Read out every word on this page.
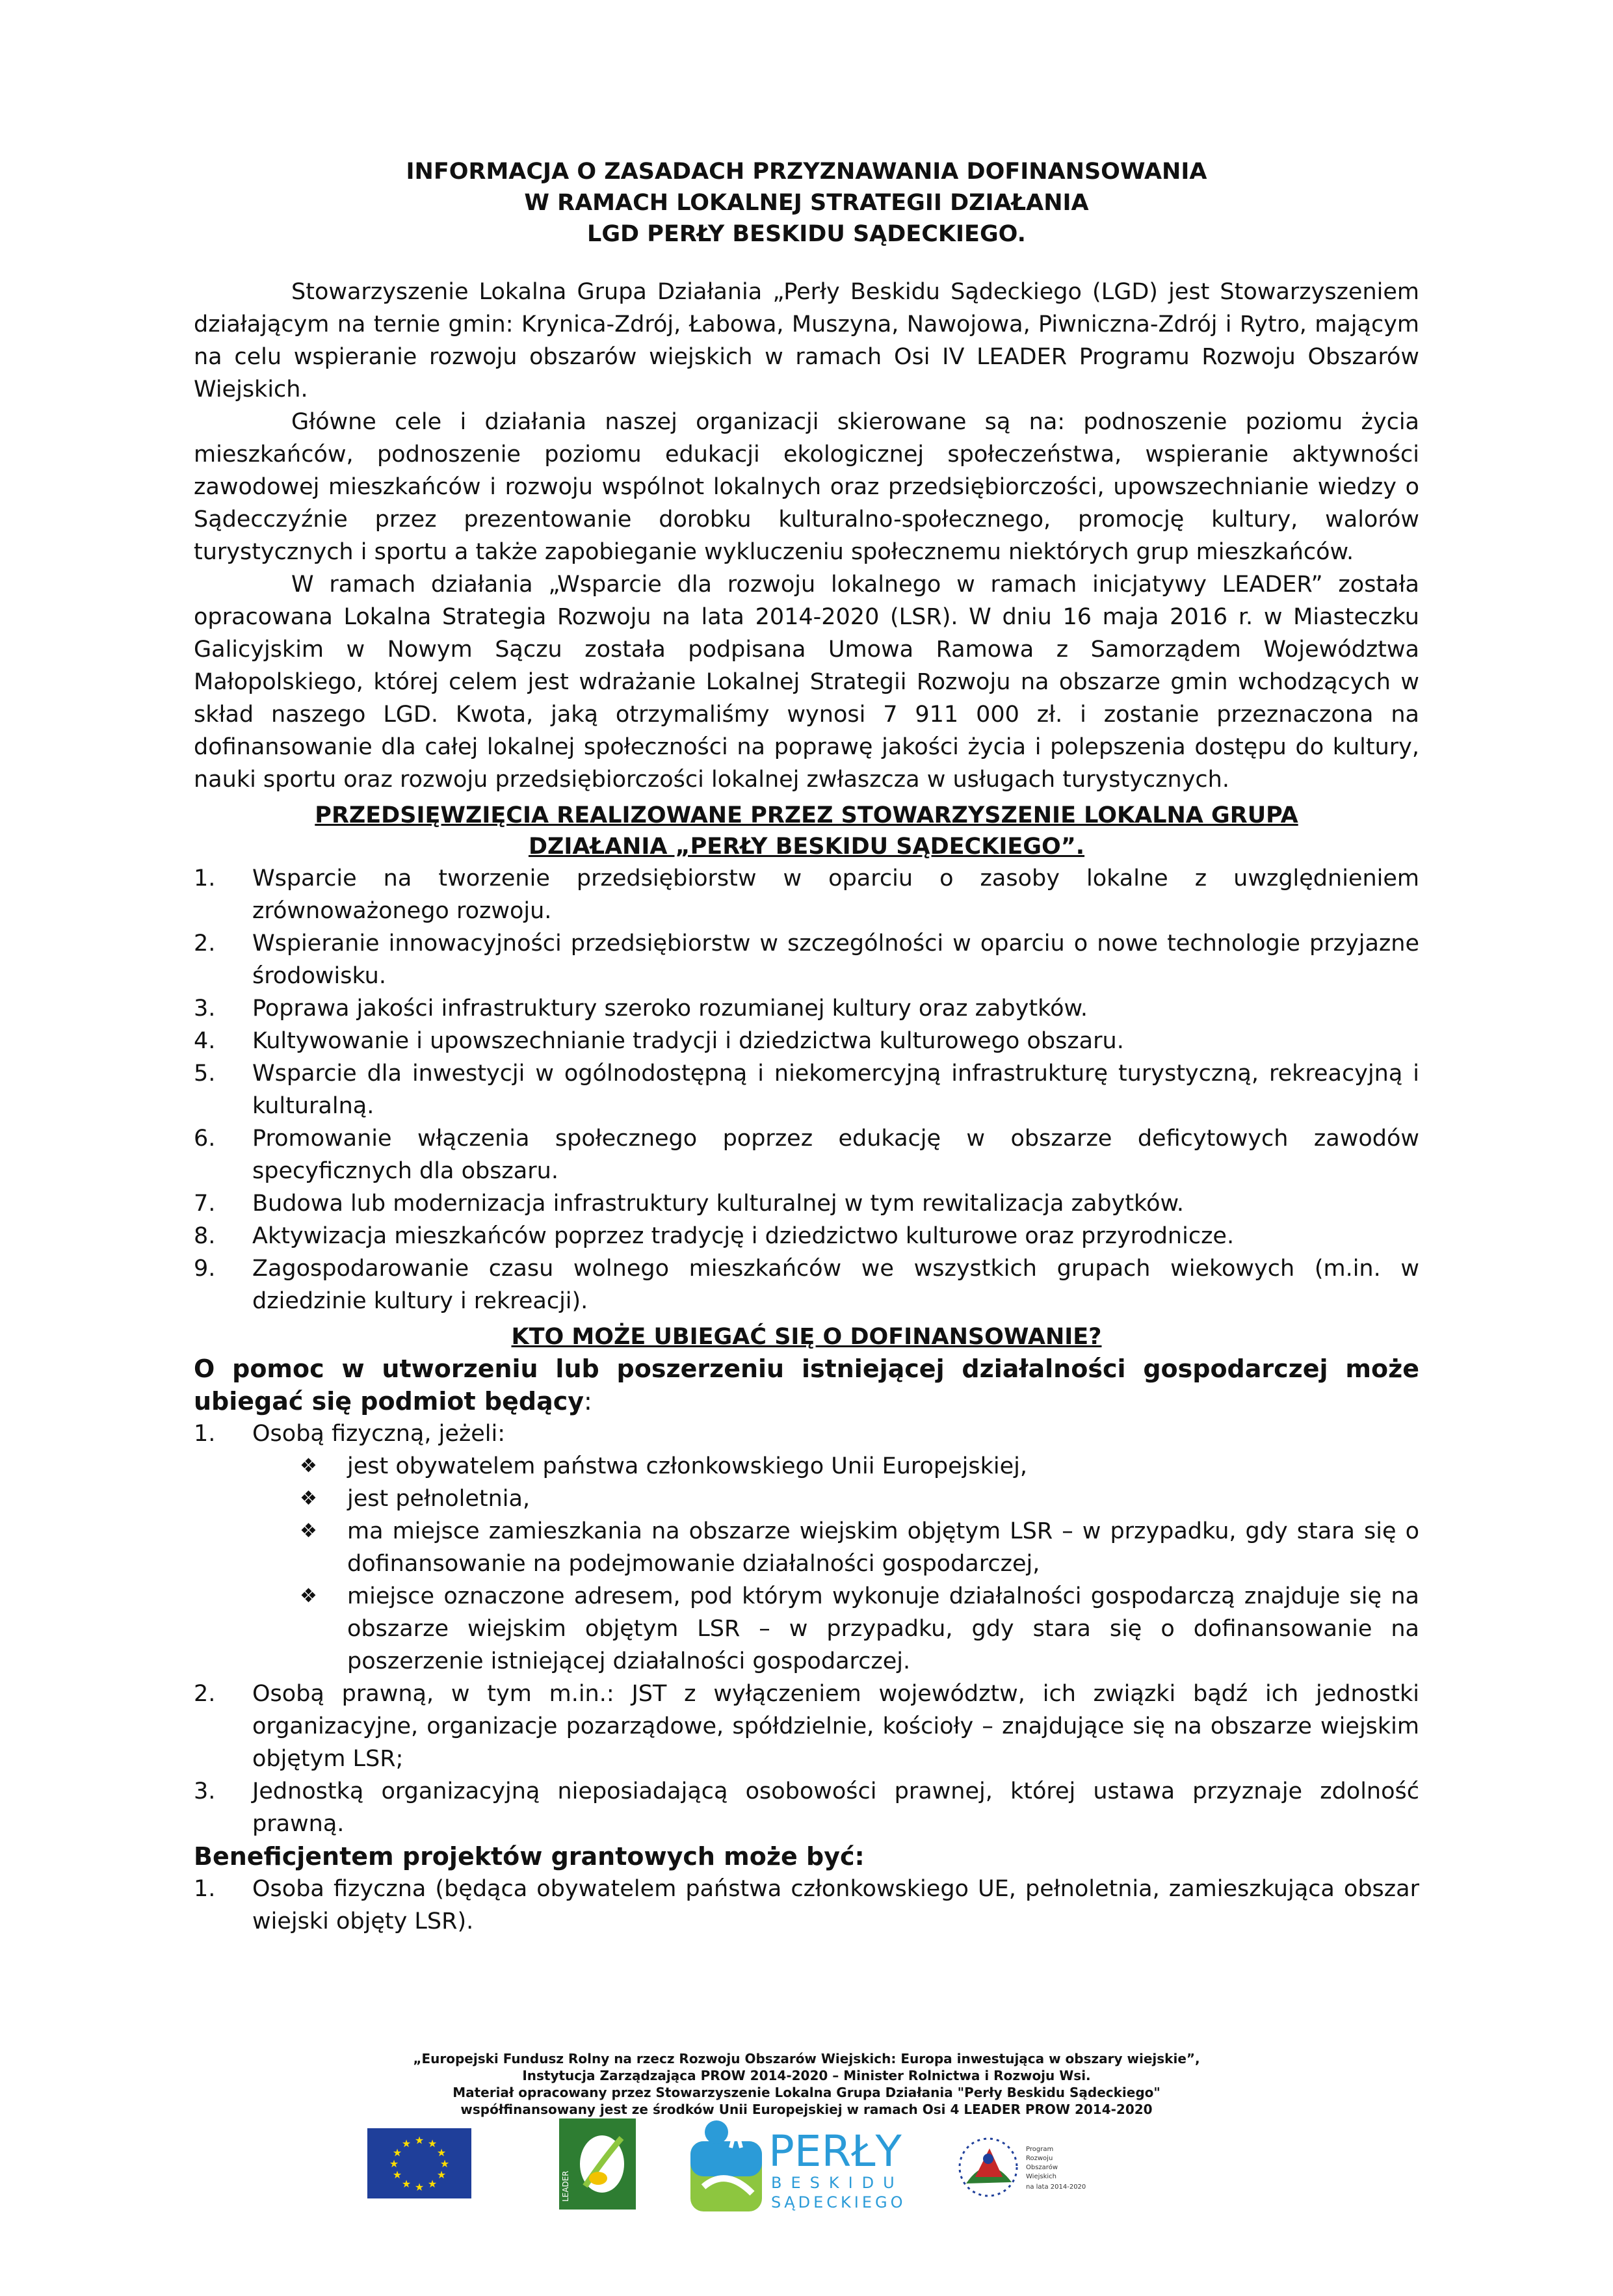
INFORMACJA O ZASADACH PRZYZNAWANIA DOFINANSOWANIA
W RAMACH LOKALNEJ STRATEGII DZIAŁANIA
LGD PERŁY BESKIDU SĄDECKIEGO.

Stowarzyszenie Lokalna Grupa Działania „Perły Beskidu Sądeckiego (LGD) jest Stowarzyszeniem działającym na ternie gmin: Krynica-Zdrój, Łabowa, Muszyna, Nawojowa, Piwniczna-Zdrój i Rytro, mającym na celu wspieranie rozwoju obszarów wiejskich w ramach Osi IV LEADER Programu Rozwoju Obszarów Wiejskich.

Główne cele i działania naszej organizacji skierowane są na: podnoszenie poziomu życia mieszkańców, podnoszenie poziomu edukacji ekologicznej społeczeństwa, wspieranie aktywności zawodowej mieszkańców i rozwoju wspólnot lokalnych oraz przedsiębiorczości, upowszechnianie wiedzy o Sądecczyźnie przez prezentowanie dorobku kulturalno-społecznego, promocję kultury, walorów turystycznych i sportu a także zapobieganie wykluczeniu społecznemu niektórych grup mieszkańców.

W ramach działania „Wsparcie dla rozwoju lokalnego w ramach inicjatywy LEADER” została opracowana Lokalna Strategia Rozwoju na lata 2014-2020 (LSR). W dniu 16 maja 2016 r. w Miasteczku Galicyjskim w Nowym Sączu została podpisana Umowa Ramowa z Samorządem Województwa Małopolskiego, której celem jest wdrażanie Lokalnej Strategii Rozwoju na obszarze gmin wchodzących w skład naszego LGD. Kwota, jaką otrzymaliśmy wynosi 7 911 000 zł. i zostanie przeznaczona na dofinansowanie dla całej lokalnej społeczności na poprawę jakości życia i polepszenia dostępu do kultury, nauki sportu oraz rozwoju przedsiębiorczości lokalnej zwłaszcza w usługach turystycznych.

PRZEDSIĘWZIĘCIA REALIZOWANE PRZEZ STOWARZYSZENIE LOKALNA GRUPA
DZIAŁANIA „PERŁY BESKIDU SĄDECKIEGO”.
1. Wsparcie na tworzenie przedsiębiorstw w oparciu o zasoby lokalne z uwzględnieniem zrównoważonego rozwoju.
2. Wspieranie innowacyjności przedsiębiorstw w szczególności w oparciu o nowe technologie przyjazne środowisku.
3. Poprawa jakości infrastruktury szeroko rozumianej kultury oraz zabytków.
4. Kultywowanie i upowszechnianie tradycji i dziedzictwa kulturowego obszaru.
5. Wsparcie dla inwestycji w ogólnodostępną i niekomercyjną infrastrukturę turystyczną, rekreacyjną i kulturalną.
6. Promowanie włączenia społecznego poprzez edukację w obszarze deficytowych zawodów specyficznych dla obszaru.
7. Budowa lub modernizacja infrastruktury kulturalnej w tym rewitalizacja zabytków.
8. Aktywizacja mieszkańców poprzez tradycję i dziedzictwo kulturowe oraz przyrodnicze.
9. Zagospodarowanie czasu wolnego mieszkańców we wszystkich grupach wiekowych (m.in. w dziedzinie kultury i rekreacji).
KTO MOŻE UBIEGAĆ SIĘ O DOFINANSOWANIE?
O pomoc w utworzeniu lub poszerzeniu istniejącej działalności gospodarczej może ubiegać się podmiot będący:
1. Osobą fizyczną, jeżeli:
❖ jest obywatelem państwa członkowskiego Unii Europejskiej,
❖ jest pełnoletnia,
❖ ma miejsce zamieszkania na obszarze wiejskim objętym LSR – w przypadku, gdy stara się o dofinansowanie na podejmowanie działalności gospodarczej,
❖ miejsce oznaczone adresem, pod którym wykonuje działalności gospodarczą znajduje się na obszarze wiejskim objętym LSR – w przypadku, gdy stara się o dofinansowanie na poszerzenie istniejącej działalności gospodarczej.
2. Osobą prawną, w tym m.in.: JST z wyłączeniem województw, ich związki bądź ich jednostki organizacyjne, organizacje pozarządowe, spółdzielnie, kościoły – znajdujące się na obszarze wiejskim objętym LSR;
3. Jednostką organizacyjną nieposiadającą osobowości prawnej, której ustawa przyznaje zdolność prawną.
Beneficjentem projektów grantowych może być:
1. Osoba fizyczna (będąca obywatelem państwa członkowskiego UE, pełnoletnia, zamieszkująca obszar wiejski objęty LSR).
„Europejski Fundusz Rolny na rzecz Rozwoju Obszarów Wiejskich: Europa inwestująca w obszary wiejskie”,
Instytucja Zarządzająca PROW 2014-2020 – Minister Rolnictwa i Rozwoju Wsi.
Materiał opracowany przez Stowarzyszenie Lokalna Grupa Działania "Perły Beskidu Sądeckiego"
współfinansowany jest ze środków Unii Europejskiej w ramach Osi 4 LEADER PROW 2014-2020
★ ★
★
★
★
★
★
★
★
★
★
★
LEADER
PERŁY
BESKIDU
SĄDECKIEGO
Program
Rozwoju
Obszarów
Wiejskich
na lata 2014-2020
